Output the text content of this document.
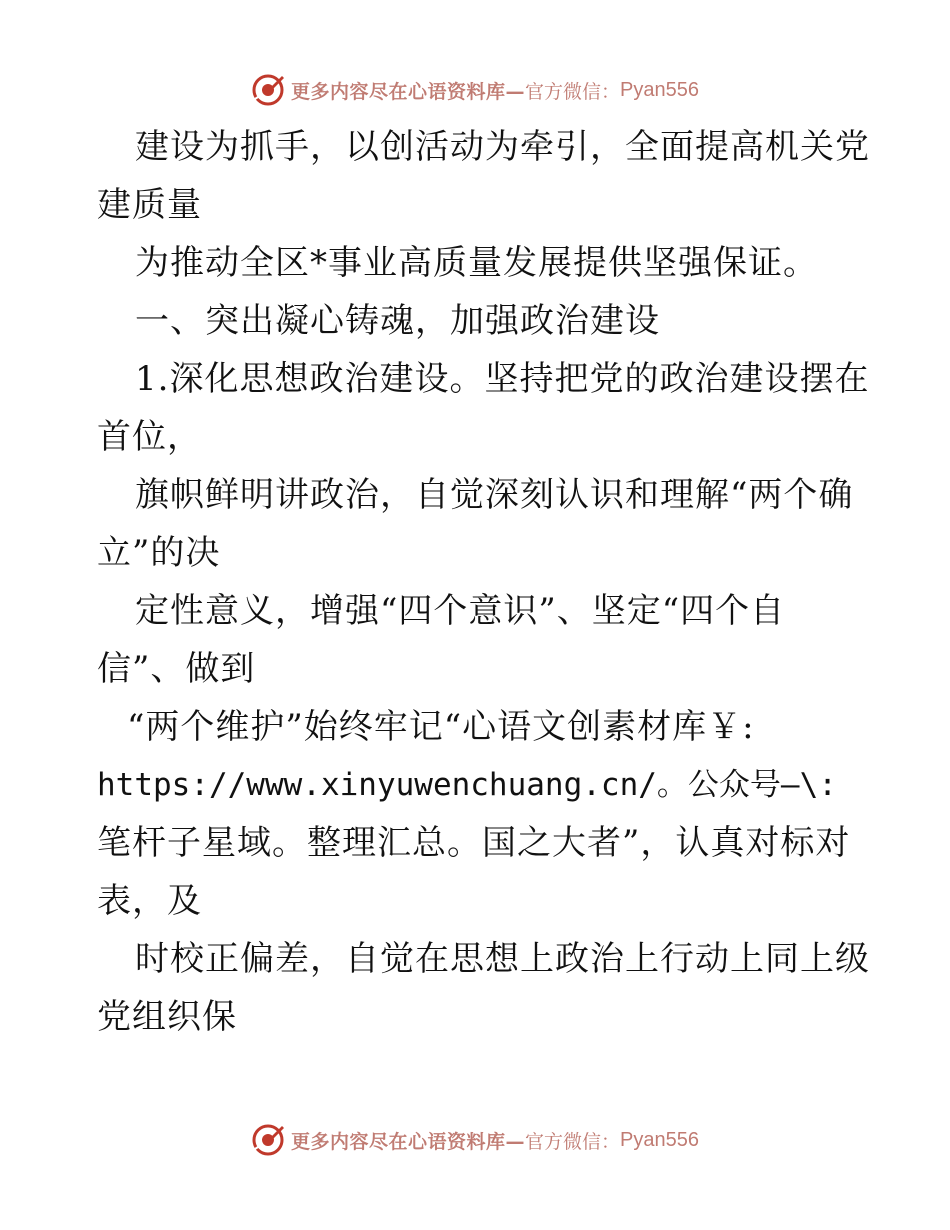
更多内容尽在心语资料库— 官方微信： Pyan556
建设为抓手，以创活动为牵引，全面提高机关党
建质量
为推动全区*事业高质量发展提供坚强保证。
一、突出凝心铸魂，加强政治建设
1.深化思想政治建设。坚持把党的政治建设摆在
首位，
旗帜鲜明讲政治，自觉深刻认识和理解“两个确
立”的决
定性意义，增强“四个意识”、坚定“四个自
信”、做到
“两个维护”始终牢记“心语文创素材库￥:
https://www.xinyuwenchuang.cn/。公众号—\:
笔杆子星域。整理汇总。国之大者”，认真对标对
表，及
时校正偏差，自觉在思想上政治上行动上同上级
党组织保
更多内容尽在心语资料库— 官方微信： Pyan556
